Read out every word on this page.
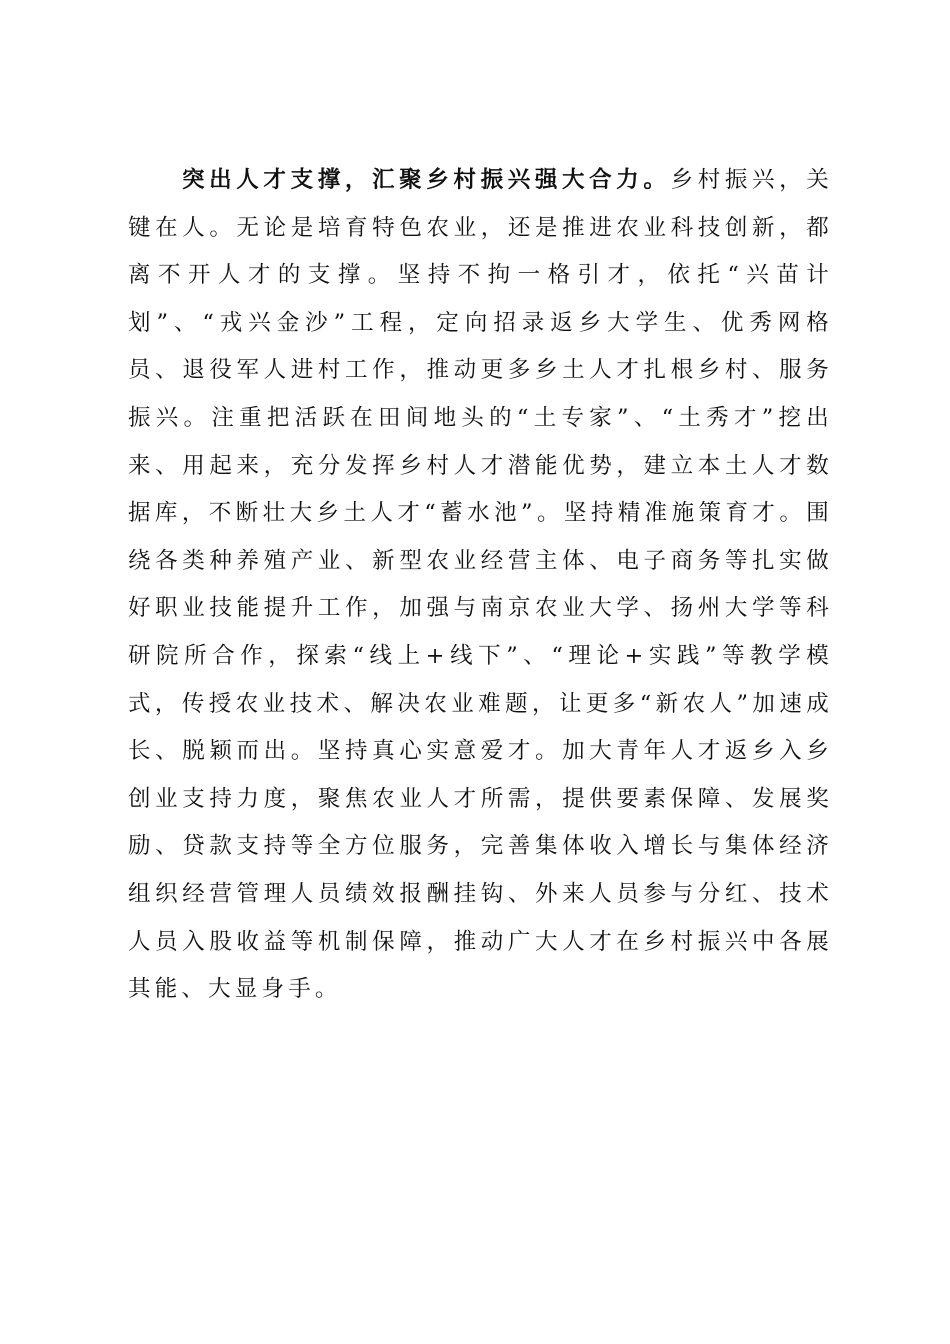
突出人才支撑，汇聚乡村振兴强大合力。乡村振兴，关键在人。无论是培育特色农业，还是推进农业科技创新，都离不开人才的支撑。坚持不拘一格引才，依托“兴苗计划”、“戎兴金沙”工程，定向招录返乡大学生、优秀网格员、退役军人进村工作，推动更多乡土人才扎根乡村、服务振兴。注重把活跃在田间地头的“土专家”、“土秀才”挖出来、用起来，充分发挥乡村人才潜能优势，建立本土人才数据库，不断壮大乡土人才“蓄水池”。坚持精准施策育才。围绕各类种养殖产业、新型农业经营主体、电子商务等扎实做好职业技能提升工作，加强与南京农业大学、扬州大学等科研院所合作，探索“线上+线下”、“理论+实践”等教学模式，传授农业技术、解决农业难题，让更多“新农人”加速成长、脱颖而出。坚持真心实意爱才。加大青年人才返乡入乡创业支持力度，聚焦农业人才所需，提供要素保障、发展奖励、贷款支持等全方位服务，完善集体收入增长与集体经济组织经营管理人员绩效报酬挂钩、外来人员参与分红、技术人员入股收益等机制保障，推动广大人才在乡村振兴中各展其能、大显身手。
